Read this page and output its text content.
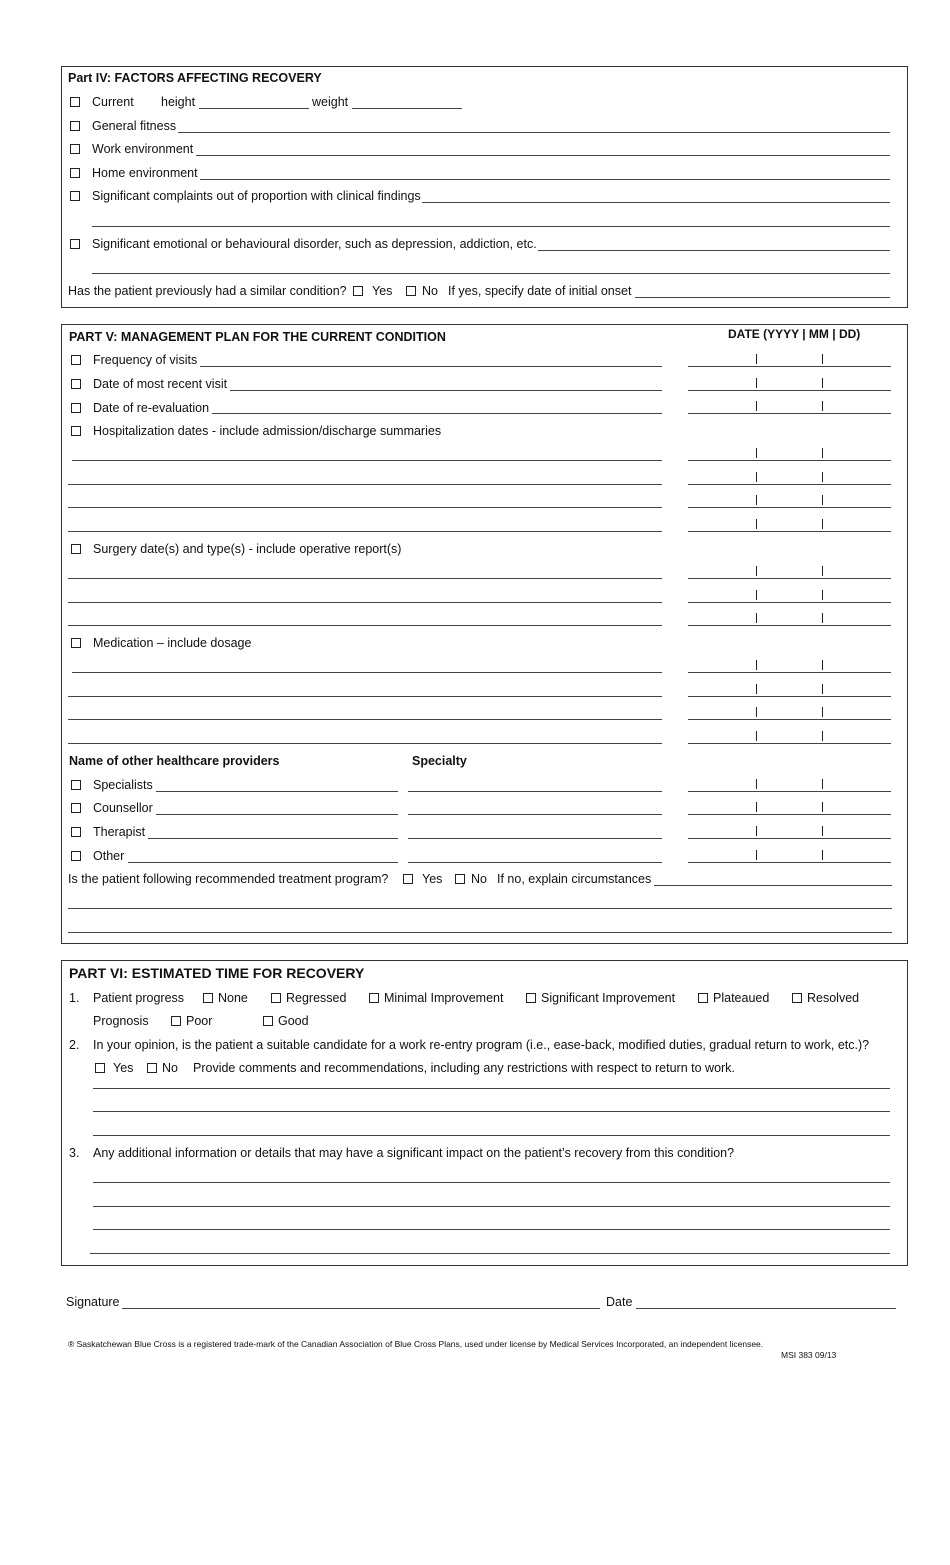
Part IV: FACTORS AFFECTING RECOVERY
Current height	weight
General fitness
Work environment
Home environment
Significant complaints out of proportion with clinical findings
Significant emotional or behavioural disorder, such as depression, addiction, etc.
Has the patient previously had a similar condition? Yes No If yes, specify date of initial onset
PART V: MANAGEMENT PLAN FOR THE CURRENT CONDITION	DATE (YYYY | MM | DD)
Frequency of visits
Date of most recent visit
Date of re-evaluation
Hospitalization dates - include admission/discharge summaries
Surgery date(s) and type(s) - include operative report(s)
Medication – include dosage
Name of other healthcare providers	Specialty
Specialists
Counsellor
Therapist
Other
Is the patient following recommended treatment program?	Yes No If no, explain circumstances
PART VI: ESTIMATED TIME FOR RECOVERY
1. Patient progress	None	Regressed	Minimal Improvement	Significant Improvement	Plateaued	Resolved
Prognosis	Poor	Good
2. In your opinion, is the patient a suitable candidate for a work re-entry program (i.e., ease-back, modified duties, gradual return to work, etc.)?
Yes No Provide comments and recommendations, including any restrictions with respect to return to work.
3. Any additional information or details that may have a significant impact on the patient’s recovery from this condition?
Signature	Date
® Saskatchewan Blue Cross is a registered trade-mark of the Canadian Association of Blue Cross Plans, used under license by Medical Services Incorporated, an independent licensee.
MSI 383 09/13
